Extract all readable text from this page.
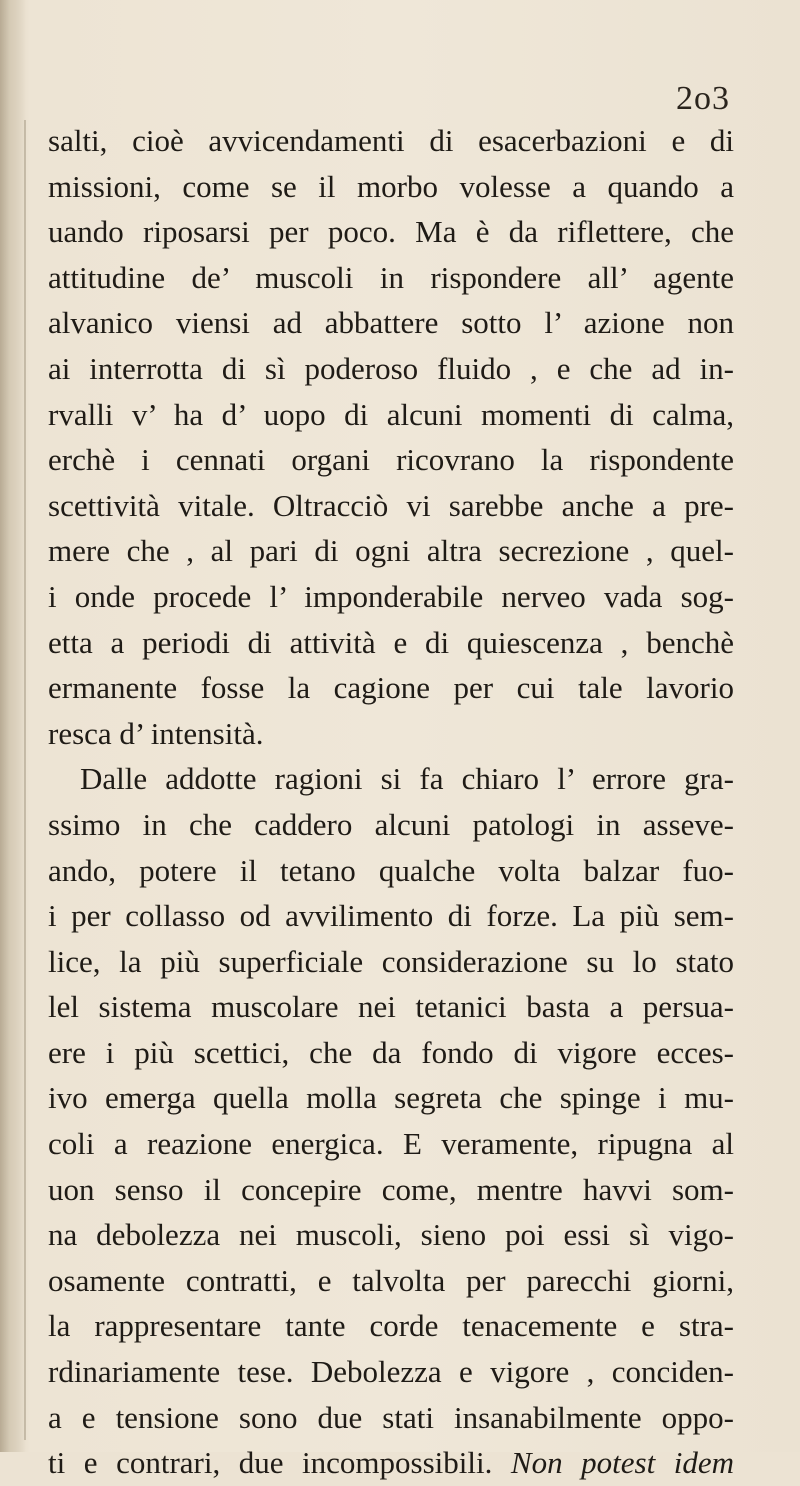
2o3
salti, cioè avvicendamenti di esacerbazioni e di
missioni, come se il morbo volesse a quando a
uando riposarsi per poco. Ma è da riflettere, che
attitudine de’ muscoli in rispondere all’ agente
alvanico viensi ad abbattere sotto l’ azione non
ai interrotta di sì poderoso fluido , e che ad in-
rvalli v’ ha d’ uopo di alcuni momenti di calma,
erchè i cennati organi ricovrano la rispondente
scettività vitale. Oltracciò vi sarebbe anche a pre-
mere che , al pari di ogni altra secrezione , quel-
i onde procede l’ imponderabile nerveo vada sog-
etta a periodi di attività e di quiescenza , benchè
ermanente fosse la cagione per cui tale lavorio
resca d’ intensità.
Dalle addotte ragioni si fa chiaro l’ errore gra-
ssimo in che caddero alcuni patologi in asseve-
ando, potere il tetano qualche volta balzar fuo-
i per collasso od avvilimento di forze. La più sem-
lice, la più superficiale considerazione su lo stato
lel sistema muscolare nei tetanici basta a persua-
ere i più scettici, che da fondo di vigore ecces-
ivo emerga quella molla segreta che spinge i mu-
coli a reazione energica. E veramente, ripugna al
uon senso il concepire come, mentre havvi som-
na debolezza nei muscoli, sieno poi essi sì vigo-
osamente contratti, e talvolta per parecchi giorni,
la rappresentare tante corde tenacemente e stra-
rdinariamente tese. Debolezza e vigore , conciden-
a e tensione sono due stati insanabilmente oppo-
ti e contrari, due incompossibili. Non potest idem
